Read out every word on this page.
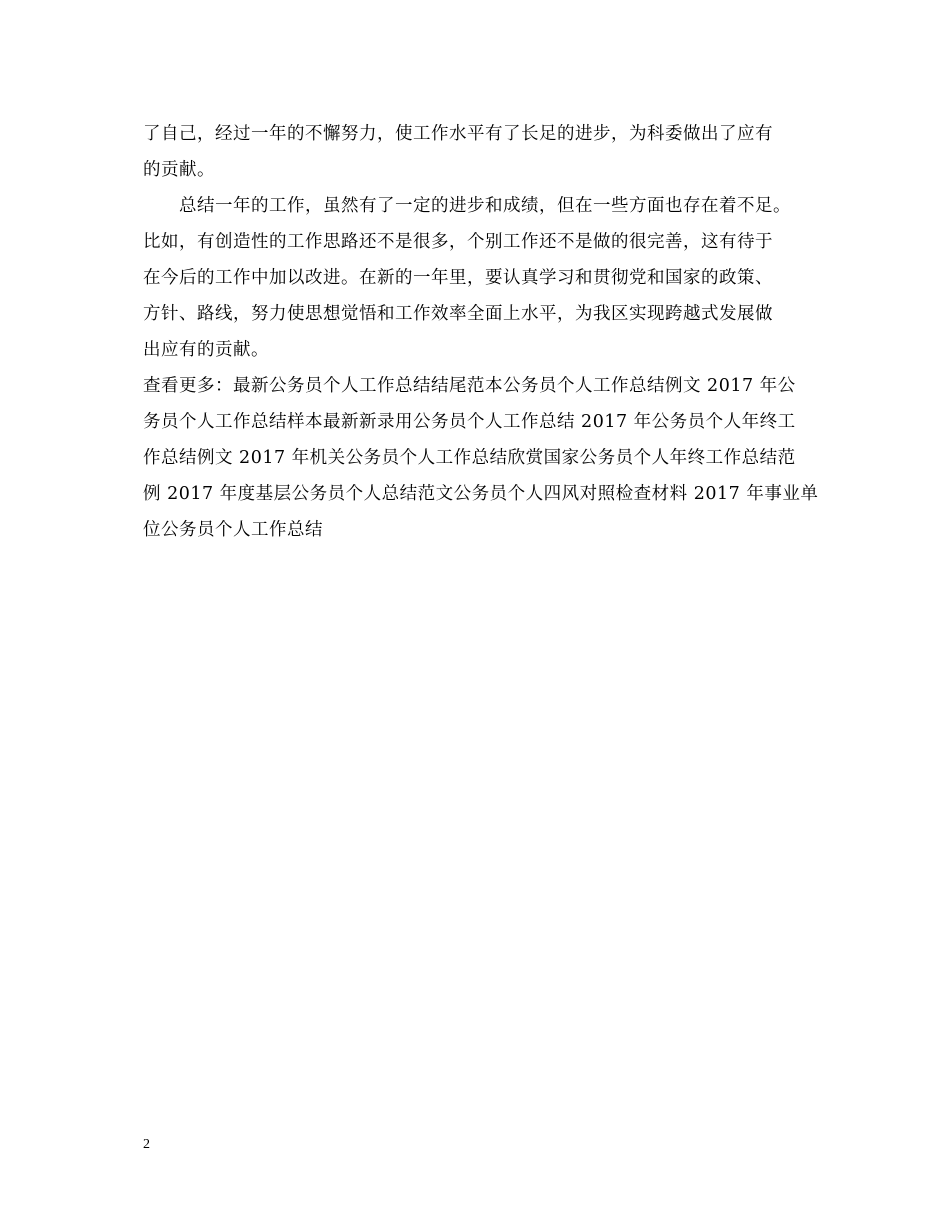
了自己，经过一年的不懈努力，使工作水平有了长足的进步，为科委做出了应有
的贡献。
总结一年的工作，虽然有了一定的进步和成绩，但在一些方面也存在着不足。
比如，有创造性的工作思路还不是很多，个别工作还不是做的很完善，这有待于
在今后的工作中加以改进。在新的一年里，要认真学习和贯彻党和国家的政策、
方针、路线，努力使思想觉悟和工作效率全面上水平，为我区实现跨越式发展做
出应有的贡献。
查看更多：最新公务员个人工作总结结尾范本公务员个人工作总结例文 2017 年公
务员个人工作总结样本最新新录用公务员个人工作总结 2017 年公务员个人年终工
作总结例文 2017 年机关公务员个人工作总结欣赏国家公务员个人年终工作总结范
例 2017 年度基层公务员个人总结范文公务员个人四风对照检查材料 2017 年事业单
位公务员个人工作总结
2
